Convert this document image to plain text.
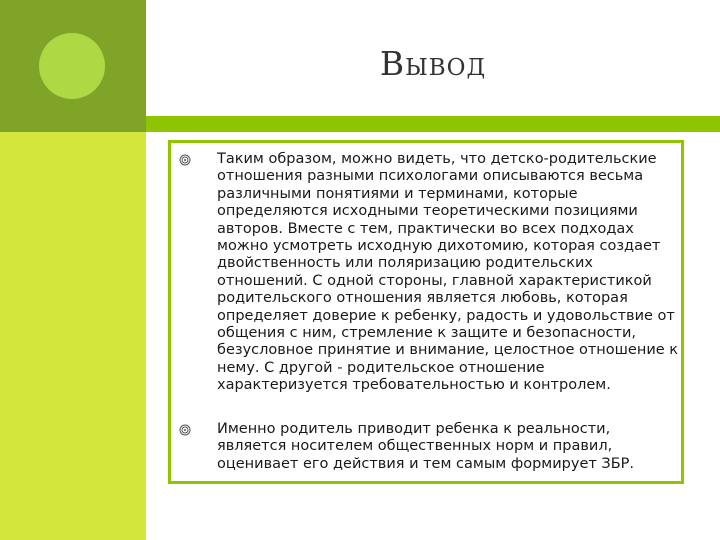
Вывод

Таким образом, можно видеть, что детско-родительские отношения разными психологами описываются весьма различными понятиями и терминами, которые определяются исходными теоретическими позициями авторов. Вместе с тем, практически во всех подходах можно усмотреть исходную дихотомию, которая создает двойственность или поляризацию родительских отношений. С одной стороны, главной характеристикой родительского отношения является любовь, которая определяет доверие к ребенку, радость и удовольствие от общения с ним, стремление к защите и безопасности, безусловное принятие и внимание, целостное отношение к нему. С другой - родительское отношение характеризуется требовательностью и контролем.

Именно родитель приводит ребенка к реальности, является носителем общественных норм и правил, оценивает его действия и тем самым формирует ЗБР.
